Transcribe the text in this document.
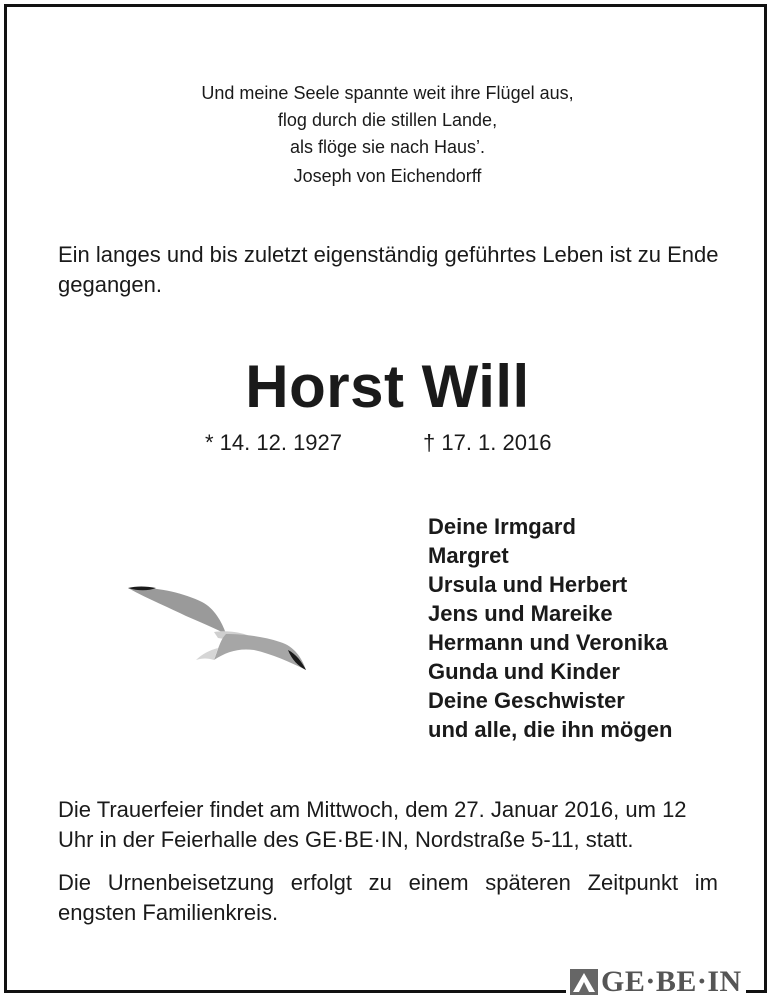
Und meine Seele spannte weit ihre Flügel aus,
flog durch die stillen Lande,
als flöge sie nach Haus’.
Joseph von Eichendorff
Ein langes und bis zuletzt eigenständig geführtes Leben ist zu Ende gegangen.
Horst Will
* 14. 12. 1927	† 17. 1. 2016
Deine Irmgard
Margret
Ursula und Herbert
Jens und Mareike
Hermann und Veronika
Gunda und Kinder
Deine Geschwister
und alle, die ihn mögen
Die Trauerfeier findet am Mittwoch, dem 27. Januar 2016, um 12 Uhr in der Feierhalle des GE·BE·IN, Nordstraße 5-11, statt.
Die Urnenbeisetzung erfolgt zu einem späteren Zeitpunkt im engsten Familienkreis.
GE·BE·IN
